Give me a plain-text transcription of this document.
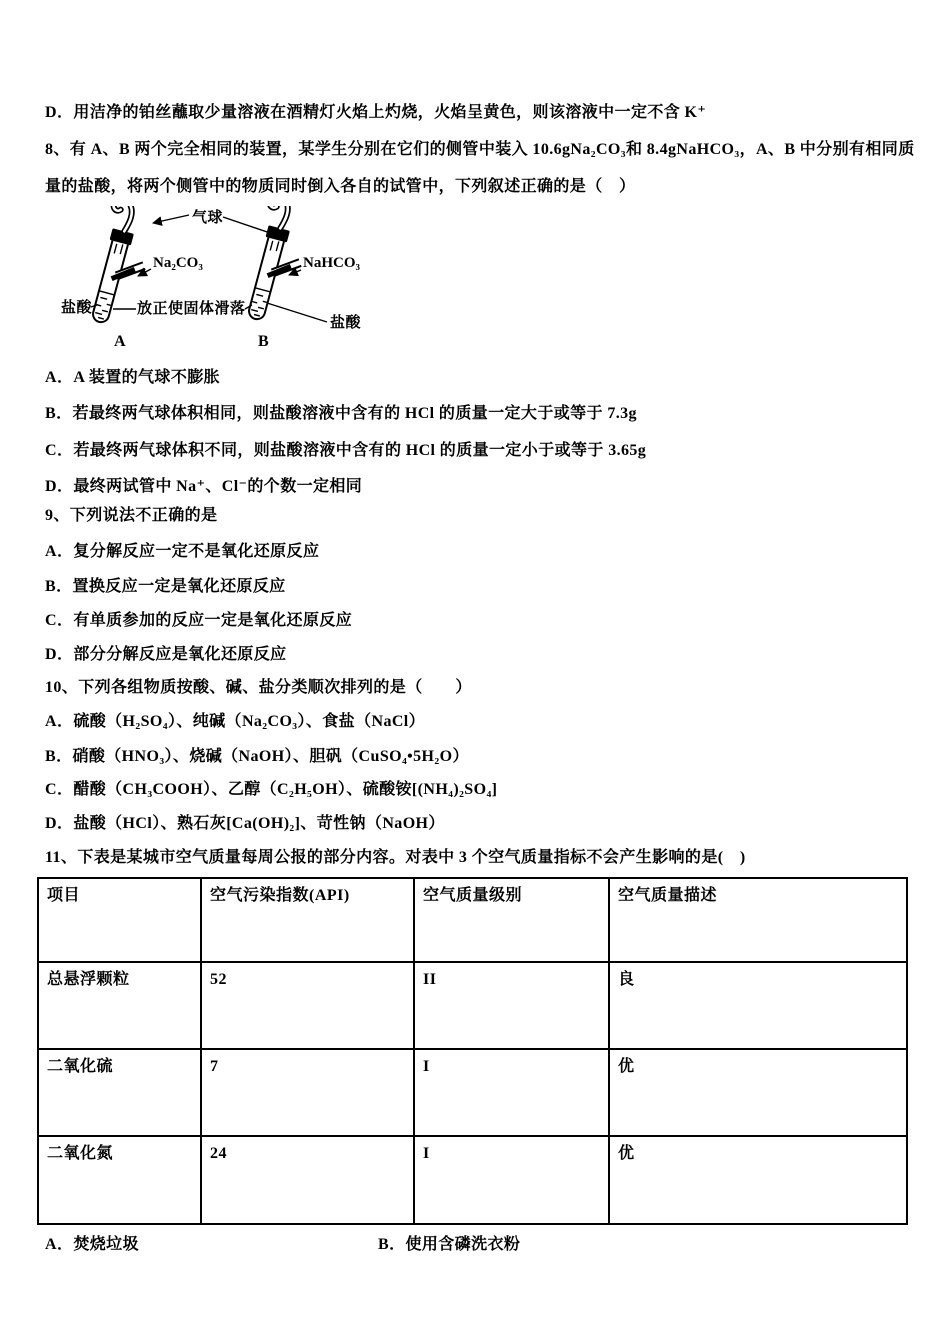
D．用洁净的铂丝蘸取少量溶液在酒精灯火焰上灼烧，火焰呈黄色，则该溶液中一定不含 K⁺
8、有 A、B 两个完全相同的装置，某学生分别在它们的侧管中装入 10.6gNa₂CO₃和 8.4gNaHCO₃，A、B 中分别有相同质
量的盐酸，将两个侧管中的物质同时倒入各自的试管中，下列叙述正确的是（　）
气球
Na₂CO₃	NaHCO₃
盐酸	放正使固体滑落
盐酸
A	B
A．A 装置的气球不膨胀
B．若最终两气球体积相同，则盐酸溶液中含有的 HCl 的质量一定大于或等于 7.3g
C．若最终两气球体积不同，则盐酸溶液中含有的 HCl 的质量一定小于或等于 3.65g
D．最终两试管中 Na⁺、Cl⁻的个数一定相同
9、下列说法不正确的是
A．复分解反应一定不是氧化还原反应
B．置换反应一定是氧化还原反应
C．有单质参加的反应一定是氧化还原反应
D．部分分解反应是氧化还原反应
10、下列各组物质按酸、碱、盐分类顺次排列的是（　　）
A．硫酸（H₂SO₄）、纯碱（Na₂CO₃）、食盐（NaCl）
B．硝酸（HNO₃）、烧碱（NaOH）、胆矾（CuSO₄•5H₂O）
C．醋酸（CH₃COOH）、乙醇（C₂H₅OH）、硫酸铵[(NH₄)₂SO₄]
D．盐酸（HCl）、熟石灰[Ca(OH)₂]、苛性钠（NaOH）
11、下表是某城市空气质量每周公报的部分内容。对表中 3 个空气质量指标不会产生影响的是(　)
项目	空气污染指数(API)	空气质量级别	空气质量描述
总悬浮颗粒	52	II	良
二氧化硫	7	I	优
二氧化氮	24	I	优
A．焚烧垃圾	B．使用含磷洗衣粉
